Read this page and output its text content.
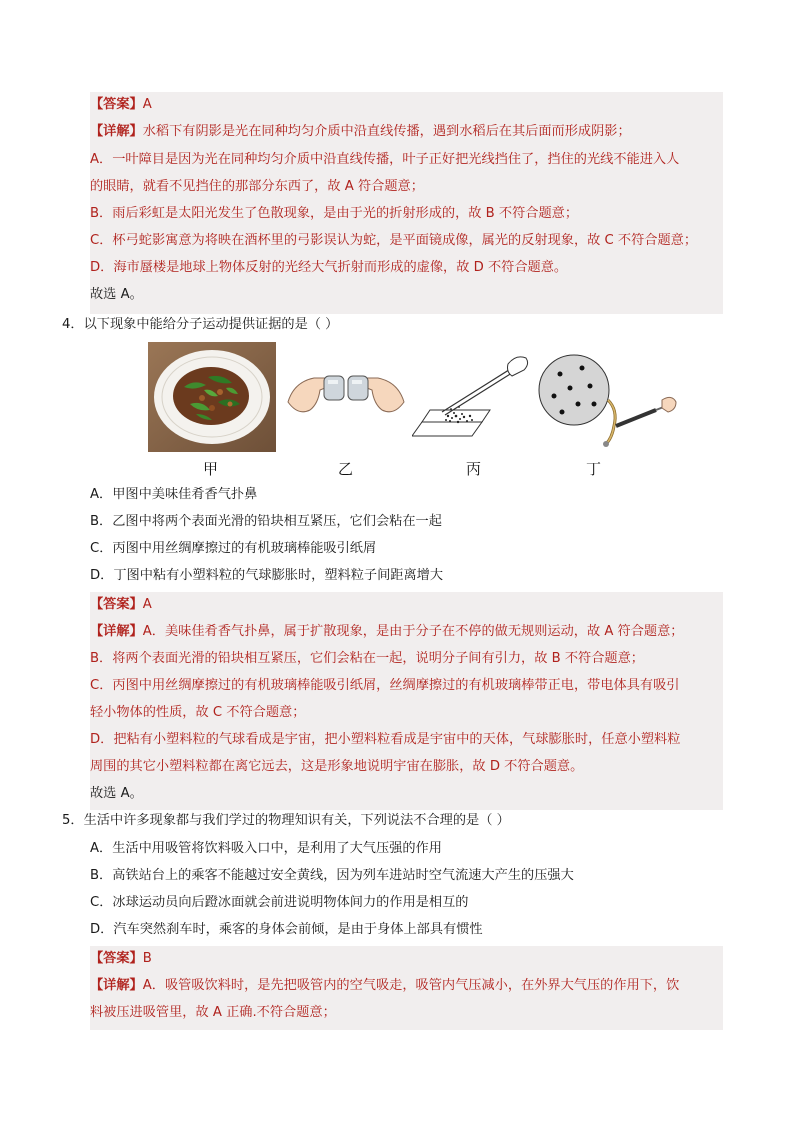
【答案】A
【详解】水稻下有阴影是光在同种均匀介质中沿直线传播，遇到水稻后在其后面而形成阴影；
A．一叶障目是因为光在同种均匀介质中沿直线传播，叶子正好把光线挡住了，挡住的光线不能进入人
的眼睛，就看不见挡住的那部分东西了，故 A 符合题意；
B．雨后彩虹是太阳光发生了色散现象，是由于光的折射形成的，故 B 不符合题意；
C．杯弓蛇影寓意为将映在酒杯里的弓影误认为蛇，是平面镜成像，属光的反射现象，故 C 不符合题意；
D．海市蜃楼是地球上物体反射的光经大气折射而形成的虚像，故 D 不符合题意。
故选 A。
4．以下现象中能给分子运动提供证据的是（ ）
甲	乙	丙	丁
A．甲图中美味佳肴香气扑鼻
B．乙图中将两个表面光滑的铅块相互紧压，它们会粘在一起
C．丙图中用丝绸摩擦过的有机玻璃棒能吸引纸屑
D．丁图中粘有小塑料粒的气球膨胀时，塑料粒子间距离增大
【答案】A
【详解】A．美味佳肴香气扑鼻，属于扩散现象，是由于分子在不停的做无规则运动，故 A 符合题意；
B．将两个表面光滑的铅块相互紧压，它们会粘在一起，说明分子间有引力，故 B 不符合题意；
C．丙图中用丝绸摩擦过的有机玻璃棒能吸引纸屑，丝绸摩擦过的有机玻璃棒带正电，带电体具有吸引
轻小物体的性质，故 C 不符合题意；
D．把粘有小塑料粒的气球看成是宇宙，把小塑料粒看成是宇宙中的天体，气球膨胀时，任意小塑料粒
周围的其它小塑料粒都在离它远去，这是形象地说明宇宙在膨胀，故 D 不符合题意。
故选 A。
5．生活中许多现象都与我们学过的物理知识有关，下列说法不合理的是（ ）
A．生活中用吸管将饮料吸入口中，是利用了大气压强的作用
B．高铁站台上的乘客不能越过安全黄线，因为列车进站时空气流速大产生的压强大
C．冰球运动员向后蹬冰面就会前进说明物体间力的作用是相互的
D．汽车突然刹车时，乘客的身体会前倾，是由于身体上部具有惯性
【答案】B
【详解】A．吸管吸饮料时，是先把吸管内的空气吸走，吸管内气压减小，在外界大气压的作用下，饮
料被压进吸管里，故 A 正确.不符合题意；
